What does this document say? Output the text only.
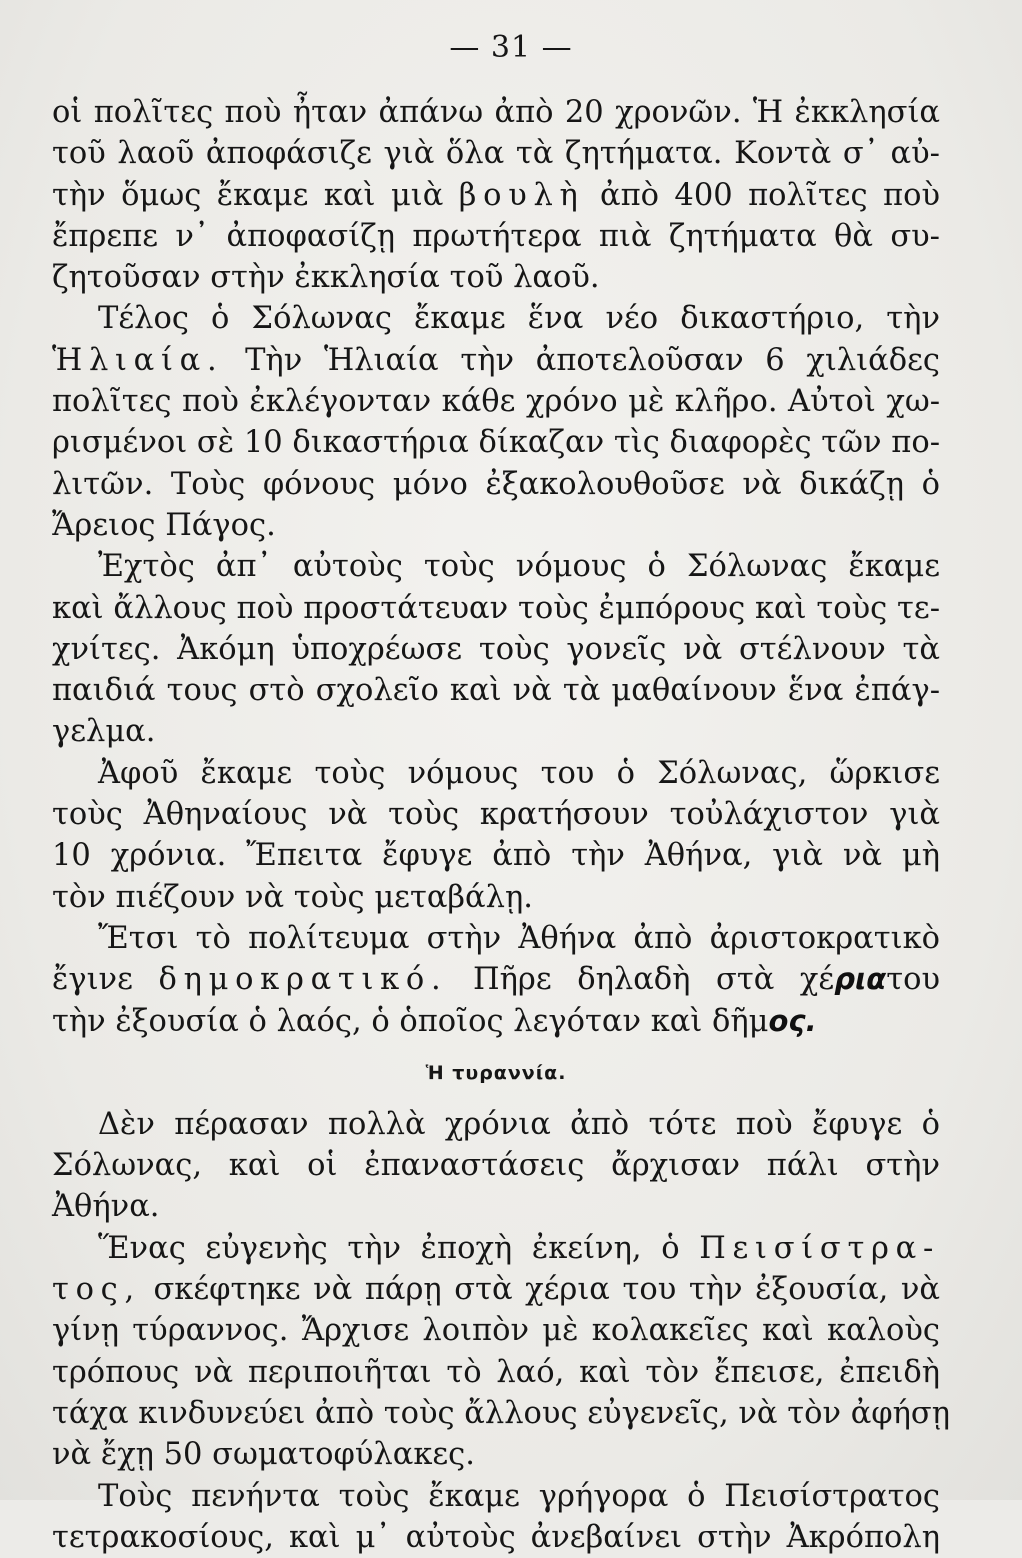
— 31 —
οἱ πολῖτες ποὺ ἦταν ἀπάνω ἀπὸ 20 χρονῶν. Ἡ ἐκκλησία
τοῦ λαοῦ ἀποφάσιζε γιὰ ὅλα τὰ ζητήματα. Κοντὰ σ᾿ αὐ-
τὴν ὅμως ἔκαμε καὶ μιὰ βουλὴ ἀπὸ 400 πολῖτες ποὺ
ἔπρεπε ν᾿ ἀποφασίζῃ πρωτήτερα πιὰ ζητήματα θὰ συ-
ζητοῦσαν στὴν ἐκκλησία τοῦ λαοῦ.
Τέλος ὁ Σόλωνας ἔκαμε ἕνα νέο δικαστήριο, τὴν
Ἡλιαία. Τὴν Ἡλιαία τὴν ἀποτελοῦσαν 6 χιλιάδες
πολῖτες ποὺ ἐκλέγονταν κάθε χρόνο μὲ κλῆρο. Αὐτοὶ χω-
ρισμένοι σὲ 10 δικαστήρια δίκαζαν τὶς διαφορὲς τῶν πο-
λιτῶν. Τοὺς φόνους μόνο ἐξακολουθοῦσε νὰ δικάζῃ ὁ
Ἄρειος Πάγος.
Ἐχτὸς ἀπ᾿ αὐτοὺς τοὺς νόμους ὁ Σόλωνας ἔκαμε
καὶ ἄλλους ποὺ προστάτευαν τοὺς ἐμπόρους καὶ τοὺς τε-
χνίτες. Ἀκόμη ὑποχρέωσε τοὺς γονεῖς νὰ στέλνουν τὰ
παιδιά τους στὸ σχολεῖο καὶ νὰ τὰ μαθαίνουν ἕνα ἐπάγ-
γελμα.
Ἀφοῦ ἔκαμε τοὺς νόμους του ὁ Σόλωνας, ὥρκισε
τοὺς Ἀθηναίους νὰ τοὺς κρατήσουν τοὐλάχιστον γιὰ
10 χρόνια. Ἔπειτα ἔφυγε ἀπὸ τὴν Ἀθήνα, γιὰ νὰ μὴ
τὸν πιέζουν νὰ τοὺς μεταβάλῃ.
Ἔτσι τὸ πολίτευμα στὴν Ἀθήνα ἀπὸ ἀριστοκρατικὸ
ἔγινε δημοκρατικό. Πῆρε δηλαδὴ στὰ χέριατου
τὴν ἐξουσία ὁ λαός, ὁ ὁποῖος λεγόταν καὶ δῆμος.
Ἡ τυραννία.
Δὲν πέρασαν πολλὰ χρόνια ἀπὸ τότε ποὺ ἔφυγε ὁ
Σόλωνας, καὶ οἱ ἐπαναστάσεις ἄρχισαν πάλι στὴν
Ἀθήνα.
Ἕνας εὐγενὴς τὴν ἐποχὴ ἐκείνη, ὁ Πεισίστρα-
τος, σκέφτηκε νὰ πάρῃ στὰ χέρια του τὴν ἐξουσία, νὰ
γίνῃ τύραννος. Ἄρχισε λοιπὸν μὲ κολακεῖες καὶ καλοὺς
τρόπους νὰ περιποιῆται τὸ λαό, καὶ τὸν ἔπεισε, ἐπειδὴ
τάχα κινδυνεύει ἀπὸ τοὺς ἄλλους εὐγενεῖς, νὰ τὸν ἀφήσῃ
νὰ ἔχῃ 50 σωματοφύλακες.
Τοὺς πενήντα τοὺς ἔκαμε γρήγορα ὁ Πεισίστρατος
τετρακοσίους, καὶ μ᾿ αὐτοὺς ἀνεβαίνει στὴν Ἀκρόπολη
